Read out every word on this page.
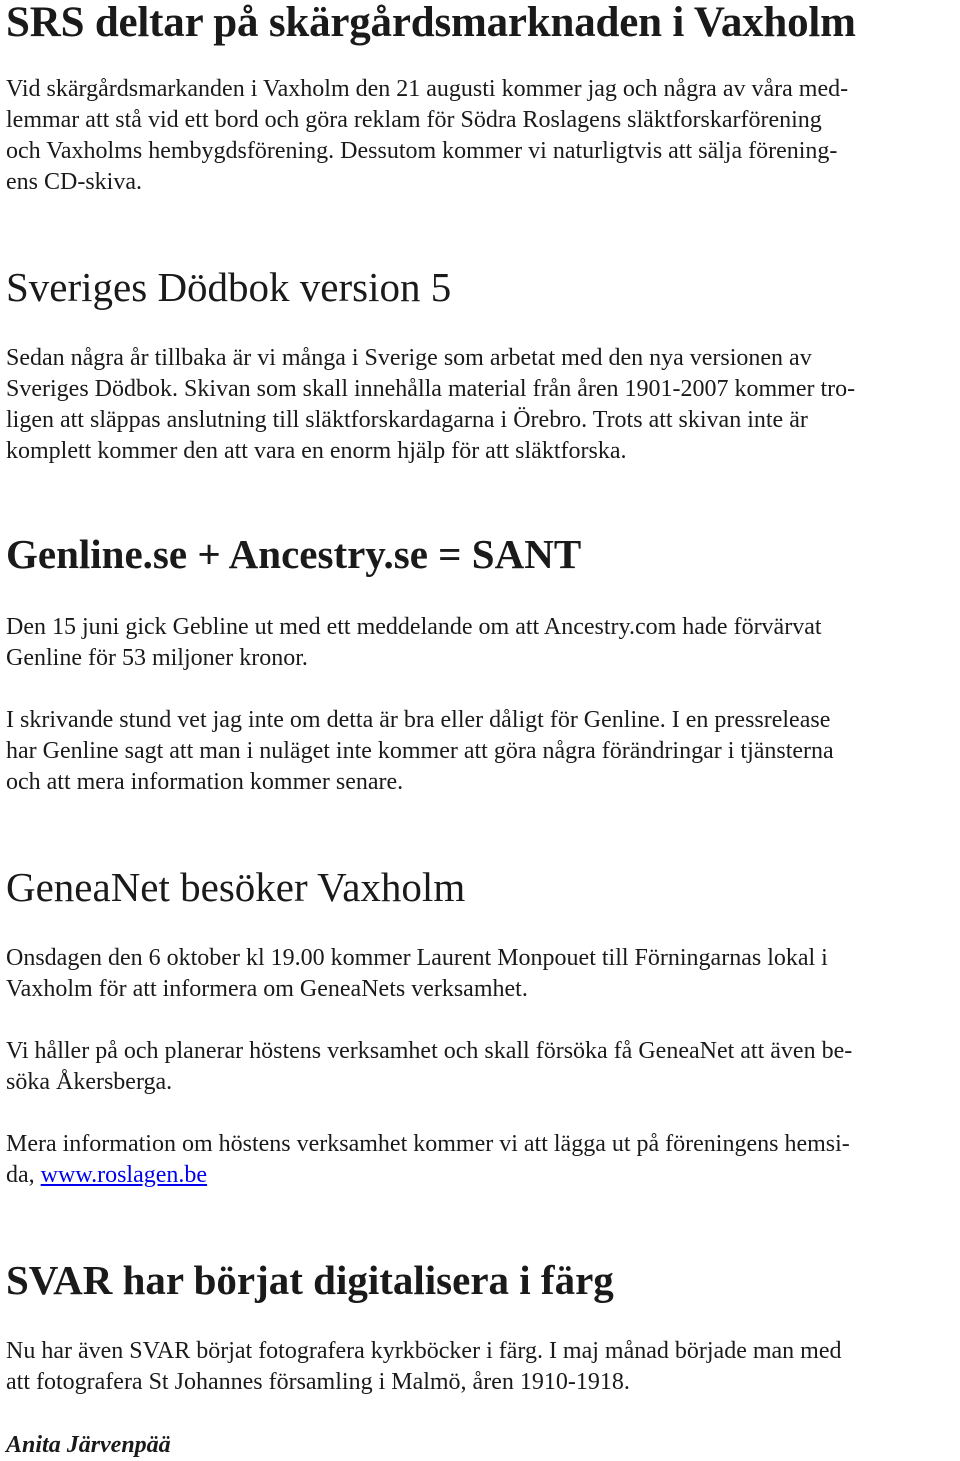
SRS deltar på skärgårdsmarknaden i Vaxholm

Vid skärgårdsmarkanden i Vaxholm den 21 augusti kommer jag och några av våra med-
lemmar att stå vid ett bord och göra reklam för Södra Roslagens släktforskarförening
och Vaxholms hembygdsförening. Dessutom kommer vi naturligtvis att sälja förening-
ens CD-skiva.

Sveriges Dödbok version 5

Sedan några år tillbaka är vi många i Sverige som arbetat med den nya versionen av
Sveriges Dödbok. Skivan som skall innehålla material från åren 1901-2007 kommer tro-
ligen att släppas anslutning till släktforskardagarna i Örebro. Trots att skivan inte är
komplett kommer den att vara en enorm hjälp för att släktforska.

Genline.se + Ancestry.se = SANT

Den 15 juni gick Gebline ut med ett meddelande om att Ancestry.com hade förvärvat
Genline för 53 miljoner kronor.

I skrivande stund vet jag inte om detta är bra eller dåligt för Genline. I en pressrelease
har Genline sagt att man i nuläget inte kommer att göra några förändringar i tjänsterna
och att mera information kommer senare.

GeneaNet besöker Vaxholm

Onsdagen den 6 oktober kl 19.00 kommer Laurent Monpouet till Förningarnas lokal i
Vaxholm för att informera om GeneaNets verksamhet.

Vi håller på och planerar höstens verksamhet och skall försöka få GeneaNet att även be-
söka Åkersberga.

Mera information om höstens verksamhet kommer vi att lägga ut på föreningens hemsi-
da, www.roslagen.be

SVAR har börjat digitalisera i färg

Nu har även SVAR börjat fotografera kyrkböcker i färg. I maj månad började man med
att fotografera St Johannes församling i Malmö, åren 1910-1918.

Anita Järvenpää
